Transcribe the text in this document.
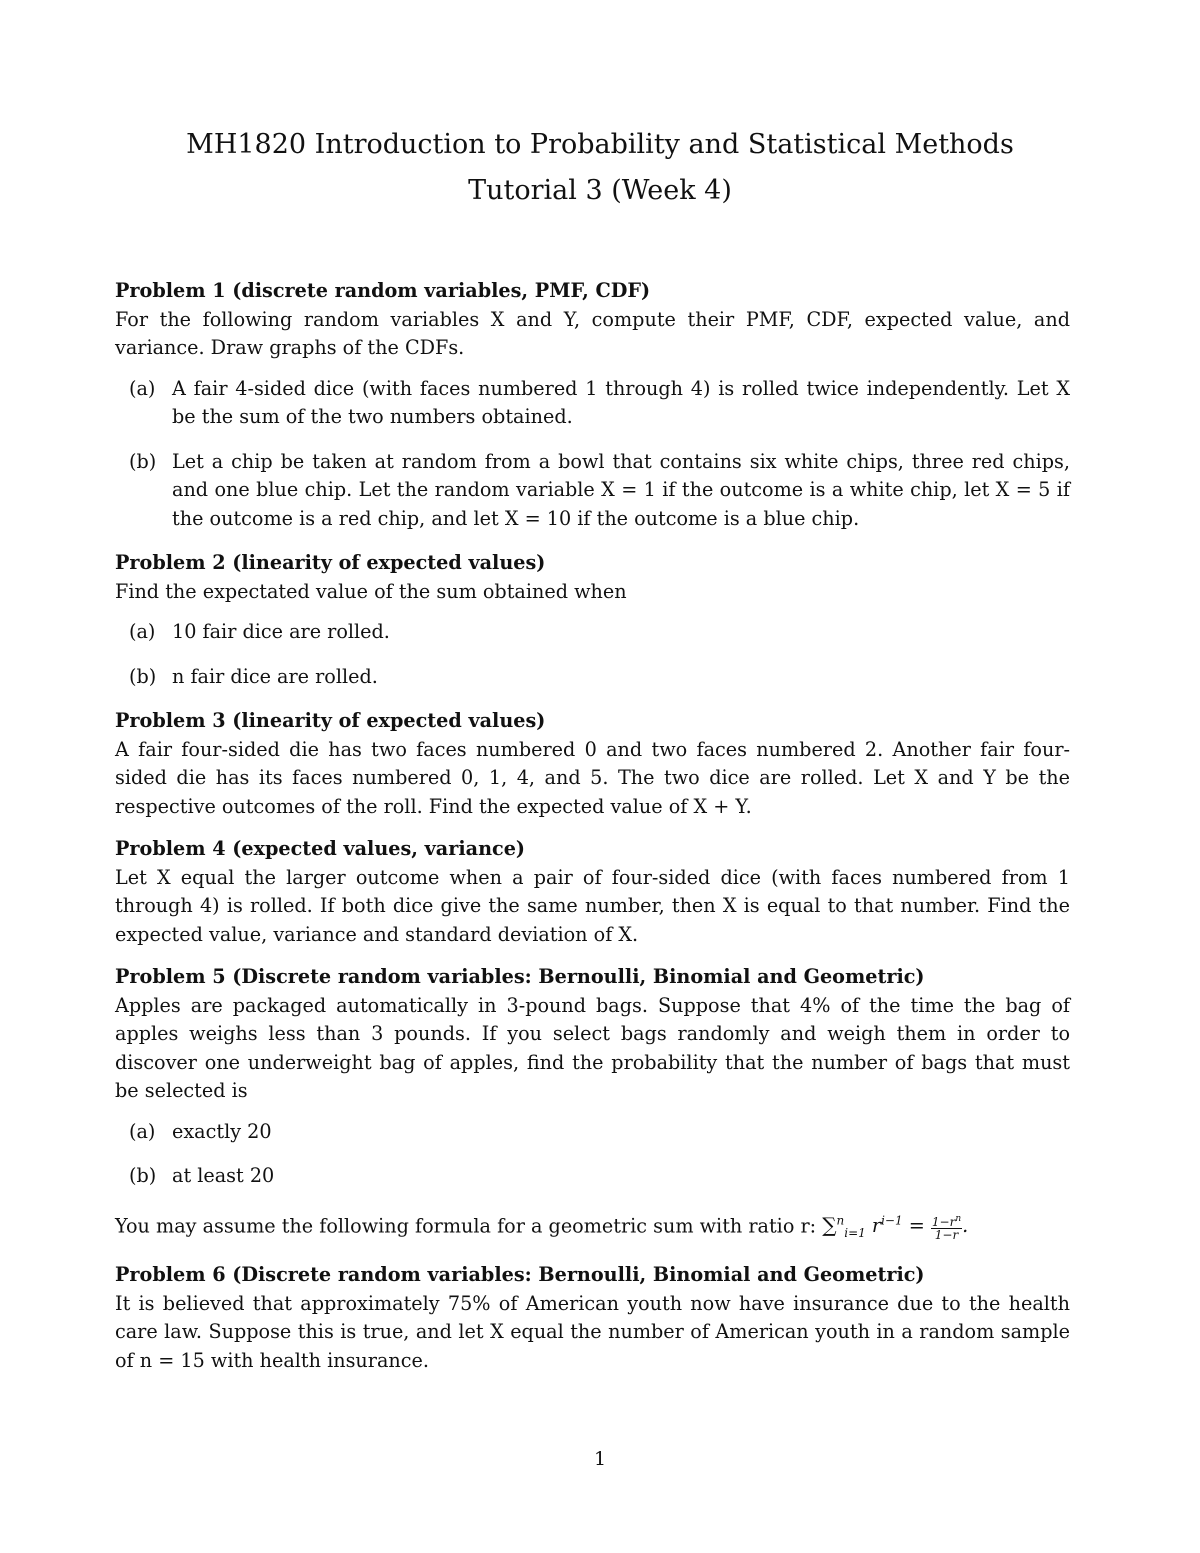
MH1820 Introduction to Probability and Statistical Methods
Tutorial 3 (Week 4)
Problem 1 (discrete random variables, PMF, CDF)
For the following random variables X and Y, compute their PMF, CDF, expected value, and variance. Draw graphs of the CDFs.
(a) A fair 4-sided dice (with faces numbered 1 through 4) is rolled twice independently. Let X be the sum of the two numbers obtained.
(b) Let a chip be taken at random from a bowl that contains six white chips, three red chips, and one blue chip. Let the random variable X = 1 if the outcome is a white chip, let X = 5 if the outcome is a red chip, and let X = 10 if the outcome is a blue chip.
Problem 2 (linearity of expected values)
Find the expectated value of the sum obtained when
(a) 10 fair dice are rolled.
(b) n fair dice are rolled.
Problem 3 (linearity of expected values)
A fair four-sided die has two faces numbered 0 and two faces numbered 2. Another fair four-sided die has its faces numbered 0, 1, 4, and 5. The two dice are rolled. Let X and Y be the respective outcomes of the roll. Find the expected value of X + Y.
Problem 4 (expected values, variance)
Let X equal the larger outcome when a pair of four-sided dice (with faces numbered from 1 through 4) is rolled. If both dice give the same number, then X is equal to that number. Find the expected value, variance and standard deviation of X.
Problem 5 (Discrete random variables: Bernoulli, Binomial and Geometric)
Apples are packaged automatically in 3-pound bags. Suppose that 4% of the time the bag of apples weighs less than 3 pounds. If you select bags randomly and weigh them in order to discover one underweight bag of apples, find the probability that the number of bags that must be selected is
(a) exactly 20
(b) at least 20
You may assume the following formula for a geometric sum with ratio r: ∑$^n_{i=1}$ $r^{i-1} = \frac{1-r^n}{1-r}$ .
Problem 6 (Discrete random variables: Bernoulli, Binomial and Geometric)
It is believed that approximately 75% of American youth now have insurance due to the health care law. Suppose this is true, and let X equal the number of American youth in a random sample of n = 15 with health insurance.
1
